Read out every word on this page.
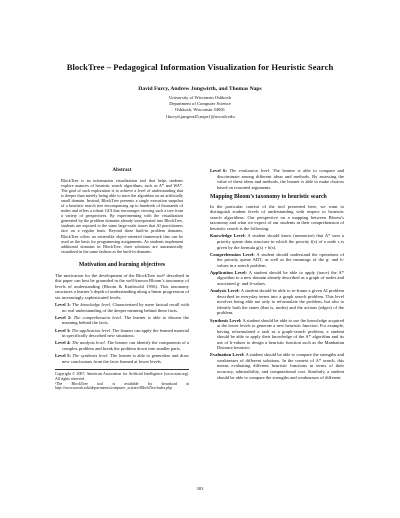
BlockTree – Pedagogical Information Visualization for Heuristic Search
David Furcy, Andrew Jungwirth, and Thomas Naps
University of Wisconsin Oshkosh
Department of Computer Science
Oshkosh, Wisconsin 54901
{furcyd,jungwa45,naps}@uwosh.edu
Abstract
BlockTree is an information visualization tool that helps students explore nuances of heuristic search algorithms, such as A* and WA*. The goal of such exploration is to achieve a level of understanding that is deeper than merely being able to trace the algorithm on an artificially small domain. Instead, BlockTree presents a single execution snapshot of a heuristic search tree encompassing up to hundreds of thousands of nodes and offers a robust GUI that encourages viewing such a tree from a variety of perspectives. By experimenting with the visualization generated by the problem domains already incorporated into BlockTree, students are exposed to the same large-scale issues that AI practitioners face on a regular basis. Beyond these built-in problem domains, BlockTree offers an extensible object-oriented framework that can be used as the basis for programming assignments. As students implement additional domains in BlockTree, their solutions are automatically visualized in the same fashion as the built-in domains.
Motivation and learning objectives

The motivation for the development of the BlockTree tool¹ described in this paper can best be grounded in the well-known Bloom’s taxonomy of levels of understanding (Bloom & Krathwohl 1956). This taxonomy structures a learner’s depth of understanding along a linear progression of six increasingly sophisticated levels:

Level 1: The knowledge level. Characterized by mere factual recall with no real understanding of the deeper meaning behind these facts.
Level 2: The comprehension level. The learner is able to discern the meaning behind the facts.
Level 3: The application level. The learner can apply the learned material in specifically described new situations.
Level 4: The analysis level. The learner can identify the components of a complex problem and break the problem down into smaller parts.
Level 5: The synthesis level. The learner is able to generalize and draw new conclusions from the facts learned at lower levels.
Copyright © 2007, American Association for Artificial Intelligence (www.aaai.org). All rights reserved.
¹The BlockTree tool is available for download at http://www.uwosh.edu/departments/computer_science/BlockTree/index.php
Level 6: The evaluation level. The learner is able to compare and discriminate among different ideas and methods. By assessing the value of these ideas and methods, the learner is able to make choices based on reasoned arguments.
Mapping Bloom’s taxonomy to heuristic search

In the particular context of the tool presented here, we want to distinguish student levels of understanding with respect to heuristic search algorithms. Our perspective on a mapping between Bloom’s taxonomy and what we expect of our students in their comprehension of heuristic search is the following:

Knowledge Level: A student should know (memorize) that A* uses a priority queue data structure in which the priority f(s) of a node s is given by the formula g(s) + h(s).
Comprehension Level: A student should understand the operations of the priority queue ADT, as well as the meanings of the g- and h-values in a search problem.
Application Level: A student should be able to apply (trace) the A* algorithm to a new domain already described as a graph of nodes and associated g- and h-values.
Analysis Level: A student should be able to re-frame a given AI problem described in everyday terms into a graph search problem. This level involves being able not only to reformulate the problem, but also to identify both the states (that is, nodes) and the actions (edges) of the problem.
Synthesis Level: A student should be able to use the knowledge acquired at the lower levels to generate a new heuristic function. For example, having reformulated a task as a graph-search problem, a student should be able to apply their knowledge of the A* algorithm and its use of h-values to design a heuristic function such as the Manhattan Distance heuristic.
Evaluation Level: A student should be able to compare the strengths and weaknesses of different solutions. In the context of A* search, this means evaluating different heuristic functions in terms of their accuracy, admissibility, and computational cost. Similarly, a student should be able to compare the strengths and weaknesses of different
303
